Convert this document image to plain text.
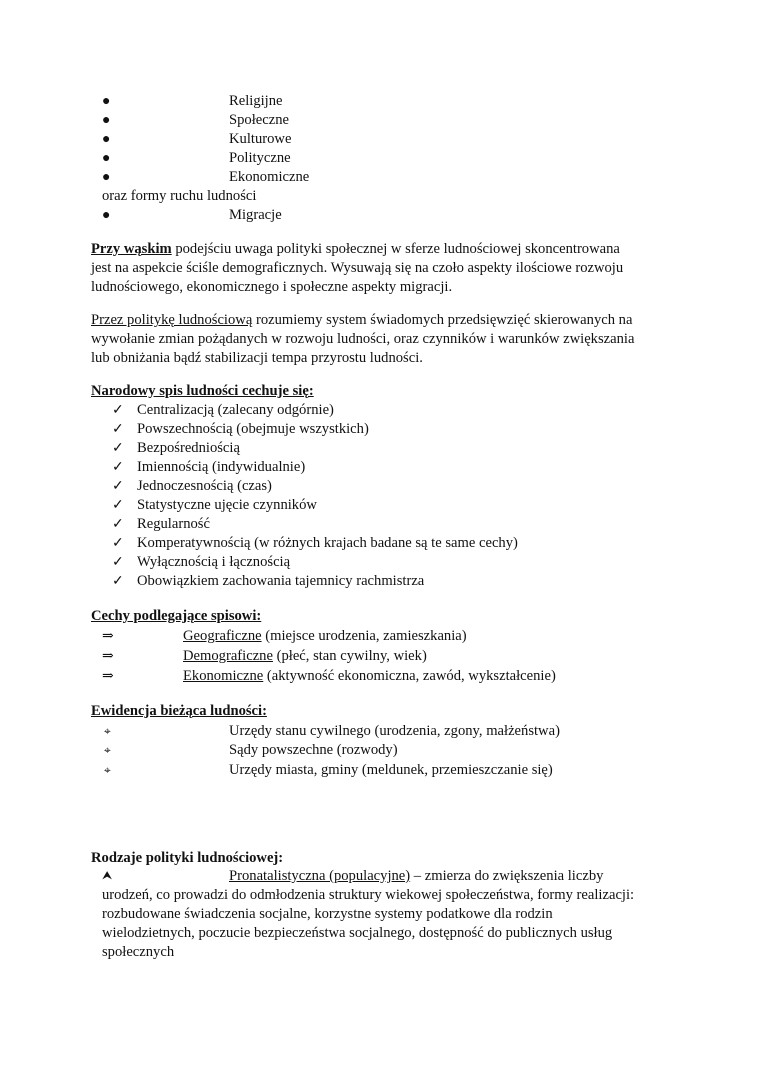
●	Religijne
●	Społeczne
●	Kulturowe
●	Polityczne
●	Ekonomiczne
oraz formy ruchu ludności
●	Migracje
Przy wąskim podejściu uwaga polityki społecznej w sferze ludnościowej skoncentrowana
jest na aspekcie ściśle demograficznych. Wysuwają się na czoło aspekty ilościowe rozwoju
ludnościowego, ekonomicznego i społeczne aspekty migracji.
Przez politykę ludnościową rozumiemy system świadomych przedsięwzięć skierowanych na
wywołanie zmian pożądanych w rozwoju ludności, oraz czynników i warunków zwiększania
lub obniżania bądź stabilizacji tempa przyrostu ludności.
Narodowy spis ludności cechuje się:
✓ Centralizacją (zalecany odgórnie)
✓ Powszechnością (obejmuje wszystkich)
✓ Bezpośredniością
✓ Imiennością (indywidualnie)
✓ Jednoczesnością (czas)
✓ Statystyczne ujęcie czynników
✓ Regularność
✓ Komperatywnością (w różnych krajach badane są te same cechy)
✓ Wyłącznością i łącznością
✓ Obowiązkiem zachowania tajemnicy rachmistrza
Cechy podlegające spisowi:
⇒	Geograficzne (miejsce urodzenia, zamieszkania)
⇒	Demograficzne (płeć, stan cywilny, wiek)
⇒	Ekonomiczne (aktywność ekonomiczna, zawód, wykształcenie)
Ewidencja bieżąca ludności:
⌖	Urzędy stanu cywilnego (urodzenia, zgony, małżeństwa)
⌖	Sądy powszechne (rozwody)
⌖	Urzędy miasta, gminy (meldunek, przemieszczanie się)
Rodzaje polityki ludnościowej:
⮝	Pronatalistyczna (populacyjne) – zmierza do zwiększenia liczby
urodzeń, co prowadzi do odmłodzenia struktury wiekowej społeczeństwa, formy realizacji:
rozbudowane świadczenia socjalne, korzystne systemy podatkowe dla rodzin
wielodzietnych, poczucie bezpieczeństwa socjalnego, dostępność do publicznych usług
społecznych
